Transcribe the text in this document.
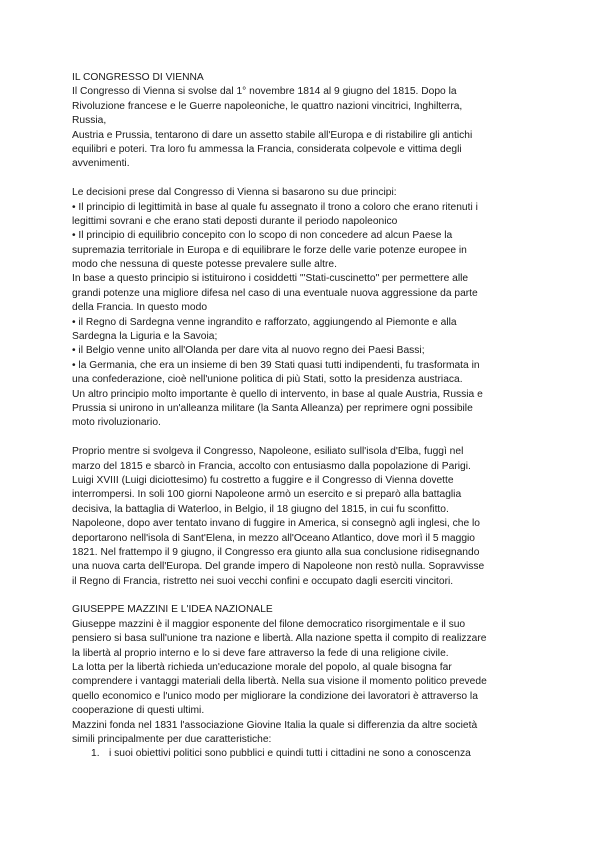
IL CONGRESSO DI VIENNA
Il Congresso di Vienna si svolse dal 1° novembre 1814 al 9 giugno del 1815. Dopo la
Rivoluzione francese e le Guerre napoleoniche, le quattro nazioni vincitrici, Inghilterra,
Russia,
Austria e Prussia, tentarono di dare un assetto stabile all'Europa e di ristabilire gli antichi
equilibri e poteri. Tra loro fu ammessa la Francia, considerata colpevole e vittima degli
avvenimenti.
Le decisioni prese dal Congresso di Vienna si basarono su due principi:
• Il principio di legittimità in base al quale fu assegnato il trono a coloro che erano ritenuti i
legittimi sovrani e che erano stati deposti durante il periodo napoleonico
• Il principio di equilibrio concepito con lo scopo di non concedere ad alcun Paese la
supremazia territoriale in Europa e di equilibrare le forze delle varie potenze europee in
modo che nessuna di queste potesse prevalere sulle altre.
In base a questo principio si istituirono i cosiddetti "'Stati-cuscinetto" per permettere alle
grandi potenze una migliore difesa nel caso di una eventuale nuova aggressione da parte
della Francia. In questo modo
• il Regno di Sardegna venne ingrandito e rafforzato, aggiungendo al Piemonte e alla
Sardegna la Liguria e la Savoia;
• il Belgio venne unito all'Olanda per dare vita al nuovo regno dei Paesi Bassi;
• la Germania, che era un insieme di ben 39 Stati quasi tutti indipendenti, fu trasformata in
una confederazione, cioè nell'unione politica di più Stati, sotto la presidenza austriaca.
Un altro principio molto importante è quello di intervento, in base al quale Austria, Russia e
Prussia si unirono in un'alleanza militare (la Santa Alleanza) per reprimere ogni possibile
moto rivoluzionario.
Proprio mentre si svolgeva il Congresso, Napoleone, esiliato sull'isola d'Elba, fuggì nel
marzo del 1815 e sbarcò in Francia, accolto con entusiasmo dalla popolazione di Parigi.
Luigi XVIII (Luigi diciottesimo) fu costretto a fuggire e il Congresso di Vienna dovette
interrompersi. In soli 100 giorni Napoleone armò un esercito e si preparò alla battaglia
decisiva, la battaglia di Waterloo, in Belgio, il 18 giugno del 1815, in cui fu sconfitto.
Napoleone, dopo aver tentato invano di fuggire in America, si consegnò agli inglesi, che lo
deportarono nell'isola di Sant'Elena, in mezzo all'Oceano Atlantico, dove morì il 5 maggio
1821. Nel frattempo il 9 giugno, il Congresso era giunto alla sua conclusione ridisegnando
una nuova carta dell'Europa. Del grande impero di Napoleone non restò nulla. Sopravvisse
il Regno di Francia, ristretto nei suoi vecchi confini e occupato dagli eserciti vincitori.
GIUSEPPE MAZZINI E L'IDEA NAZIONALE
Giuseppe mazzini è il maggior esponente del filone democratico risorgimentale e il suo
pensiero si basa sull'unione tra nazione e libertà. Alla nazione spetta il compito di realizzare
la libertà al proprio interno e lo si deve fare attraverso la fede di una religione civile.
La lotta per la libertà richieda un'educazione morale del popolo, al quale bisogna far
comprendere i vantaggi materiali della libertà. Nella sua visione il momento politico prevede
quello economico e l'unico modo per migliorare la condizione dei lavoratori è attraverso la
cooperazione di questi ultimi.
Mazzini fonda nel 1831 l'associazione Giovine Italia la quale si differenzia da altre società
simili principalmente per due caratteristiche:
1. i suoi obiettivi politici sono pubblici e quindi tutti i cittadini ne sono a conoscenza
